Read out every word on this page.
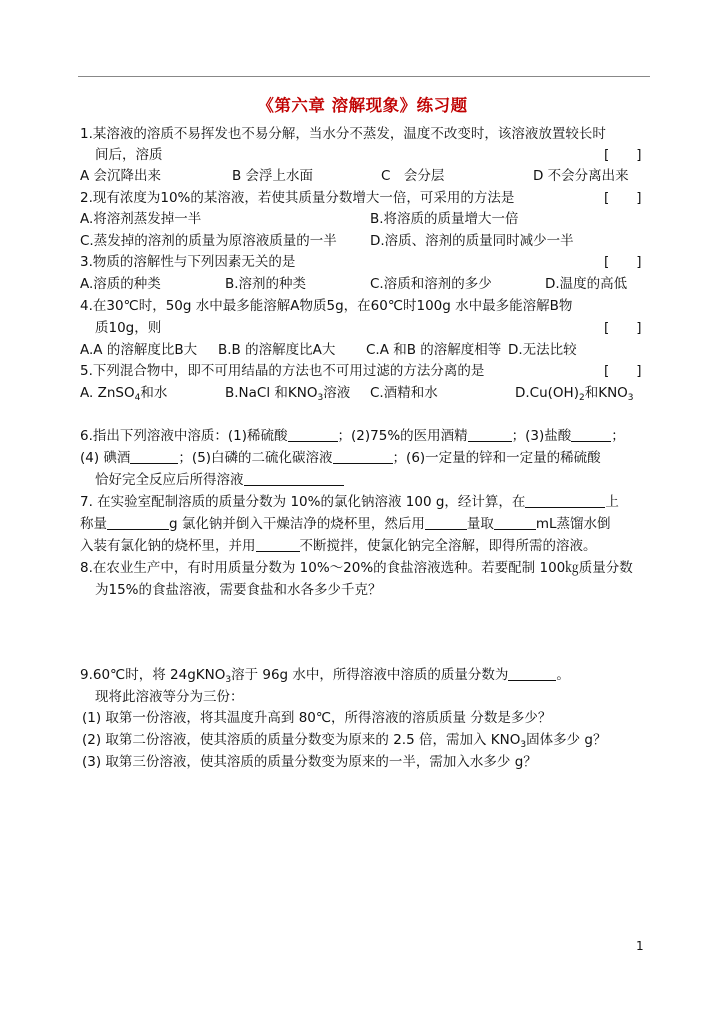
《第六章 溶解现象》练习题
1.某溶液的溶质不易挥发也不易分解，当水分不蒸发，温度不改变时，该溶液放置较长时
间后，溶质	[　　]
A 会沉降出来	B 会浮上水面	C　会分层	D 不会分离出来
2.现有浓度为10%的某溶液，若使其质量分数增大一倍，可采用的方法是	[　　]
A.将溶剂蒸发掉一半	B.将溶质的质量增大一倍
C.蒸发掉的溶剂的质量为原溶液质量的一半 D.溶质、溶剂的质量同时减少一半
3.物质的溶解性与下列因素无关的是	[　　]
A.溶质的种类	B.溶剂的种类	C.溶质和溶剂的多少	D.温度的高低
4.在30℃时，50g 水中最多能溶解A物质5g，在60℃时100g 水中最多能溶解B物
质10g，则	[　　]
A.A 的溶解度比B大 B.B 的溶解度比A大 C.A 和B 的溶解度相等 D.无法比较
5.下列混合物中，即不可用结晶的方法也不可用过滤的方法分离的是	[　　]
A. ZnSO$_4$和水	B.NaCl 和$KNO_3$溶液 C.酒精和水	$D.Cu(OH)_2$和$KNO_3$
6.指出下列溶液中溶质：(1)稀硫酸	；(2)75%的医用酒精	；(3)盐酸	；
(4) 碘酒	；(5)白磷的二硫化碳溶液	；(6)一定量的锌和一定量的稀硫酸
恰好完全反应后所得溶液
7. 在实验室配制溶质的质量分数为 10%的氯化钠溶液 100 g，经计算，在	上
称量	g 氯化钠并倒入干燥洁净的烧杯里，然后用	量取	mL蒸馏水倒
入装有氯化钠的烧杯里，并用	不断搅拌，使氯化钠完全溶解，即得所需的溶液。
8.在农业生产中，有时用质量分数为 10%～20%的食盐溶液选种。若要配制 100㎏质量分数
为15%的食盐溶液，需要食盐和水各多少千克？
9.60℃时，将 24gKNO$_3$溶于 96g 水中，所得溶液中溶质的质量分数为	。
现将此溶液等分为三份：
(1) 取第一份溶液，将其温度升高到 80℃，所得溶液的溶质质量 分数是多少？
(2) 取第二份溶液，使其溶质的质量分数变为原来的 2.5 倍，需加入 $KNO_3$固体多少 g？
(3) 取第三份溶液，使其溶质的质量分数变为原来的一半，需加入水多少 g？
1
